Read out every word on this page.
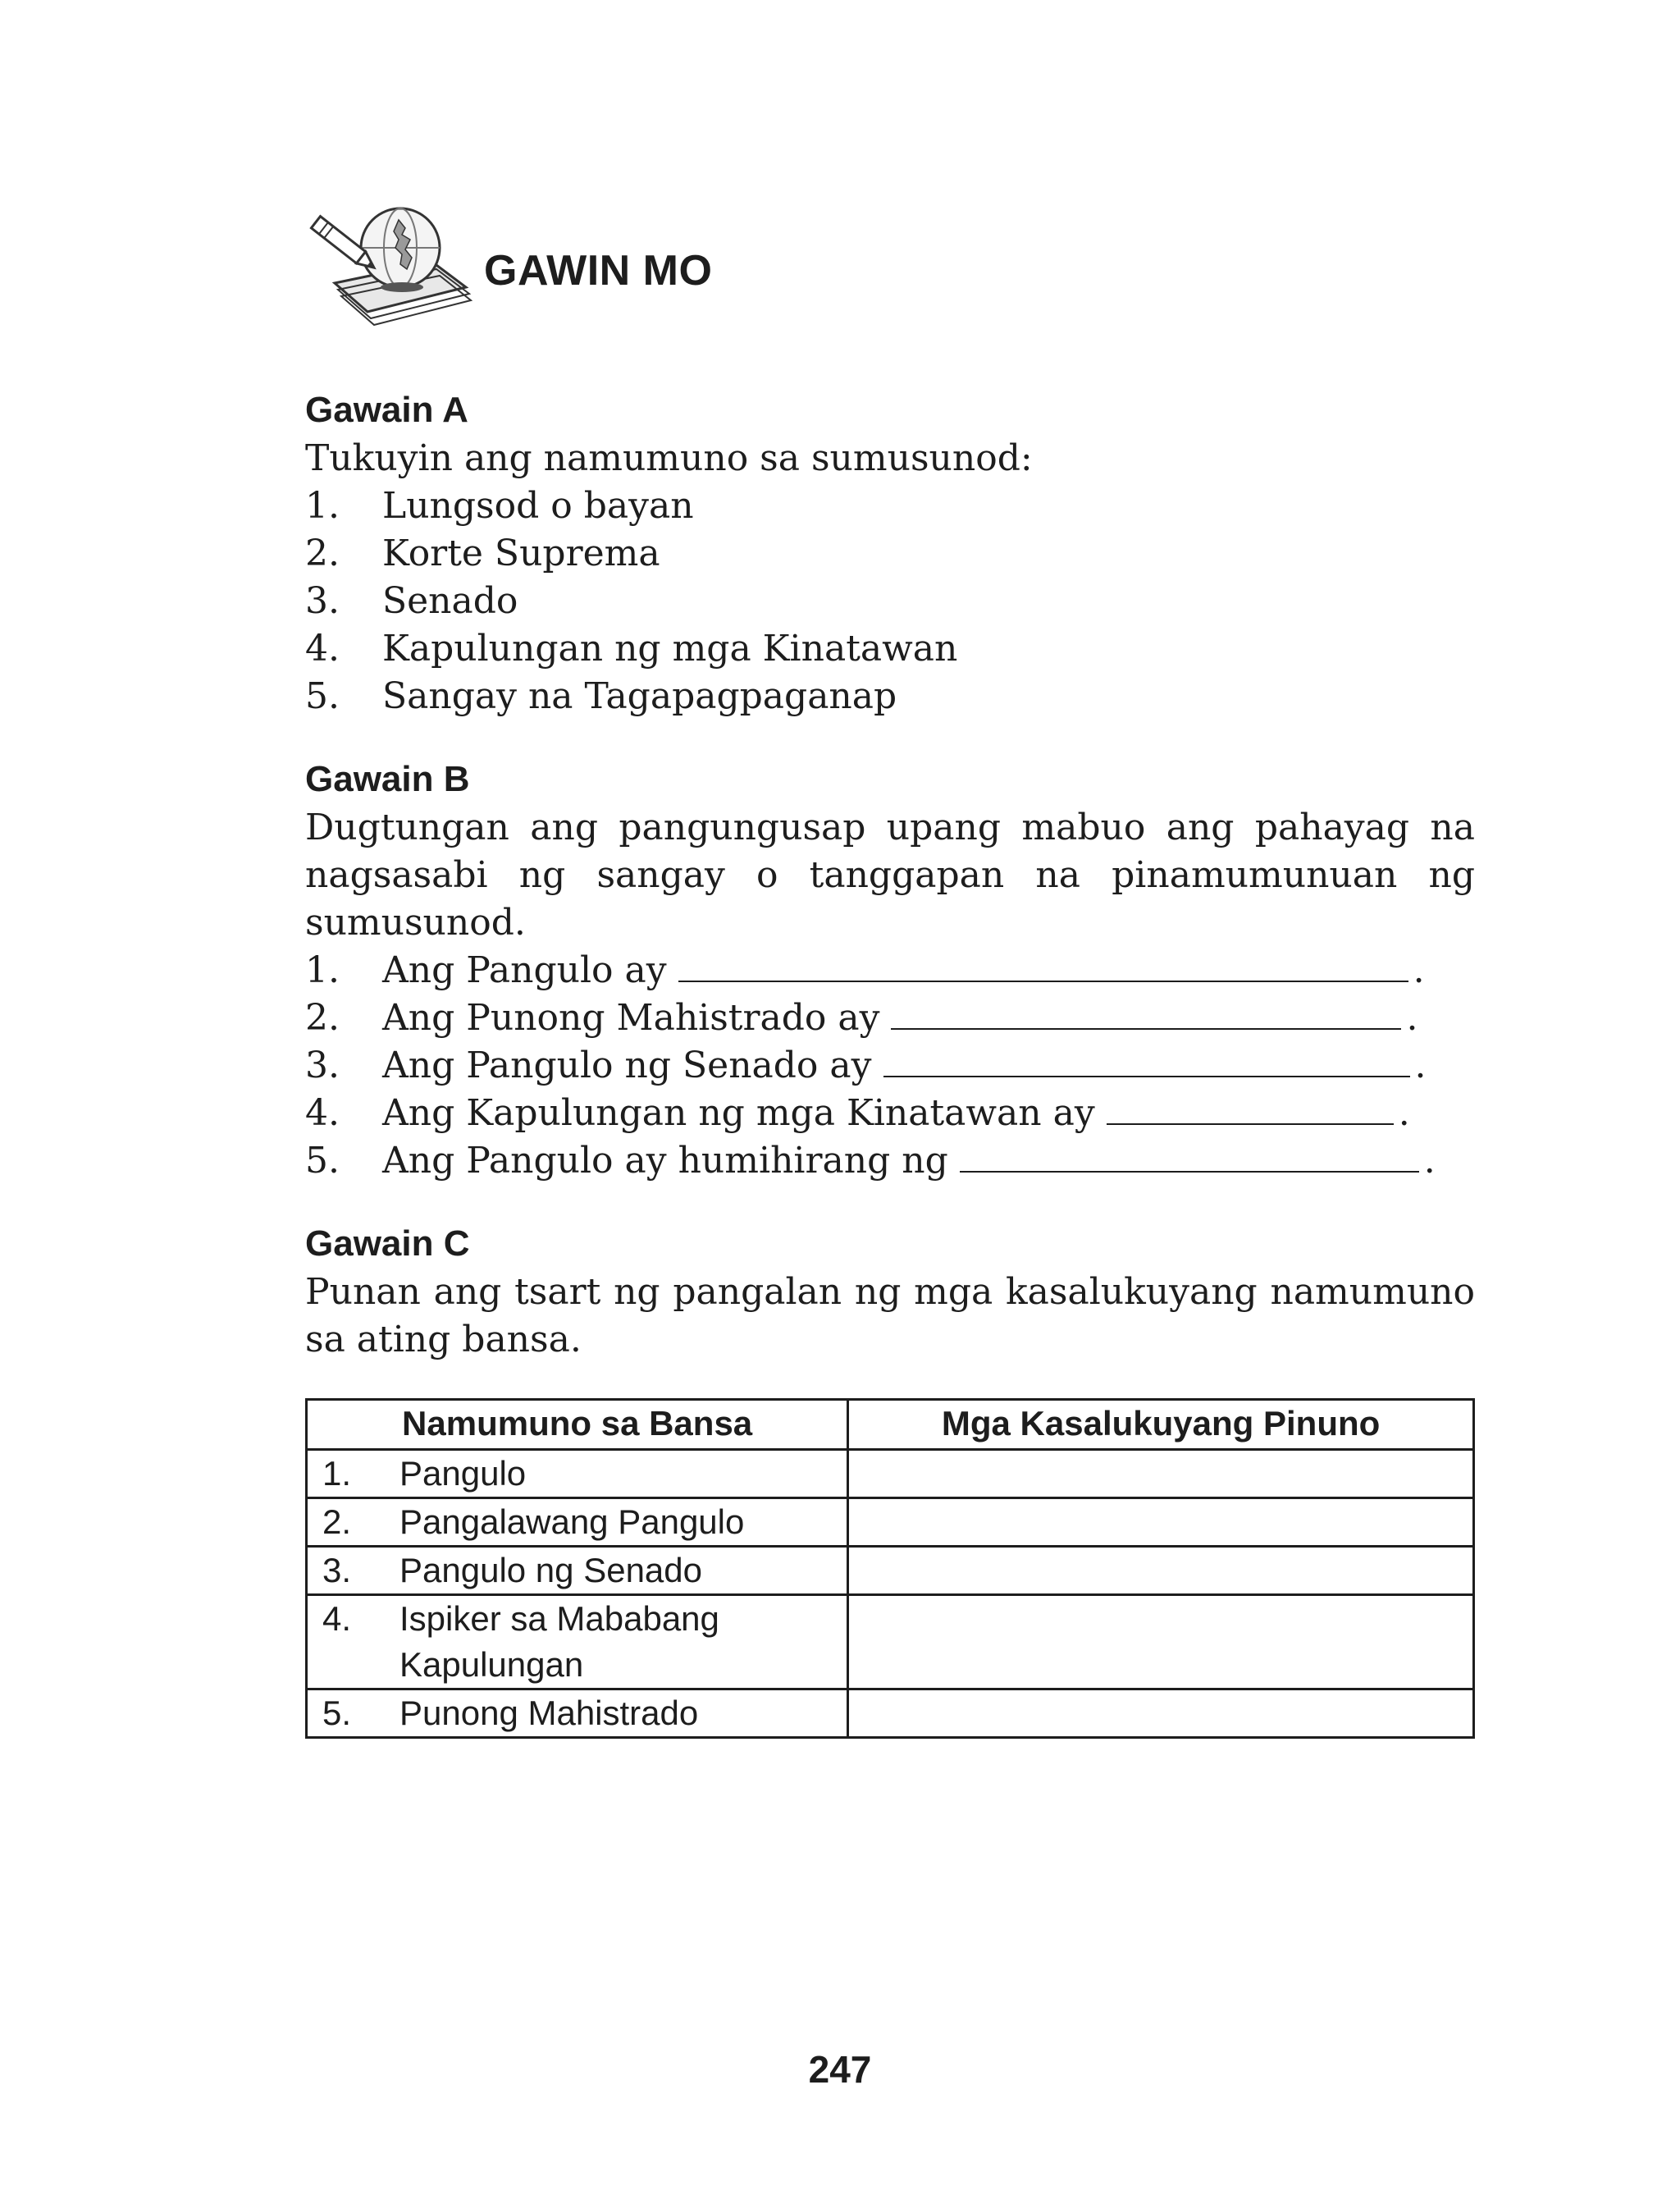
GAWIN MO
Gawain A

Tukuyin ang namumuno sa sumusunod:

1.	Lungsod o bayan
2.	Korte Suprema
3.	Senado
4.	Kapulungan ng mga Kinatawan
5.	Sangay na Tagapagpaganap
Gawain B

Dugtungan ang pangungusap upang mabuo ang pahayag na nagsasabi ng sangay o tanggapan na pinamumunuan ng sumusunod.

1.	Ang Pangulo ay	.
2.	Ang Punong Mahistrado ay	.
3.	Ang Pangulo ng Senado ay	.
4.	Ang Kapulungan ng mga Kinatawan ay	.
5.	Ang Pangulo ay humihirang ng	.
Gawain C

Punan ang tsart ng pangalan ng mga kasalukuyang namumuno sa ating bansa.

Namumuno sa Bansa	Mga Kasalukuyang Pinuno

1. Pangulo	

2. Pangalawang Pangulo	

3. Pangulo ng Senado	

4. Ispiker sa Mababang Kapulungan	

5. Punong Mahistrado	

247
